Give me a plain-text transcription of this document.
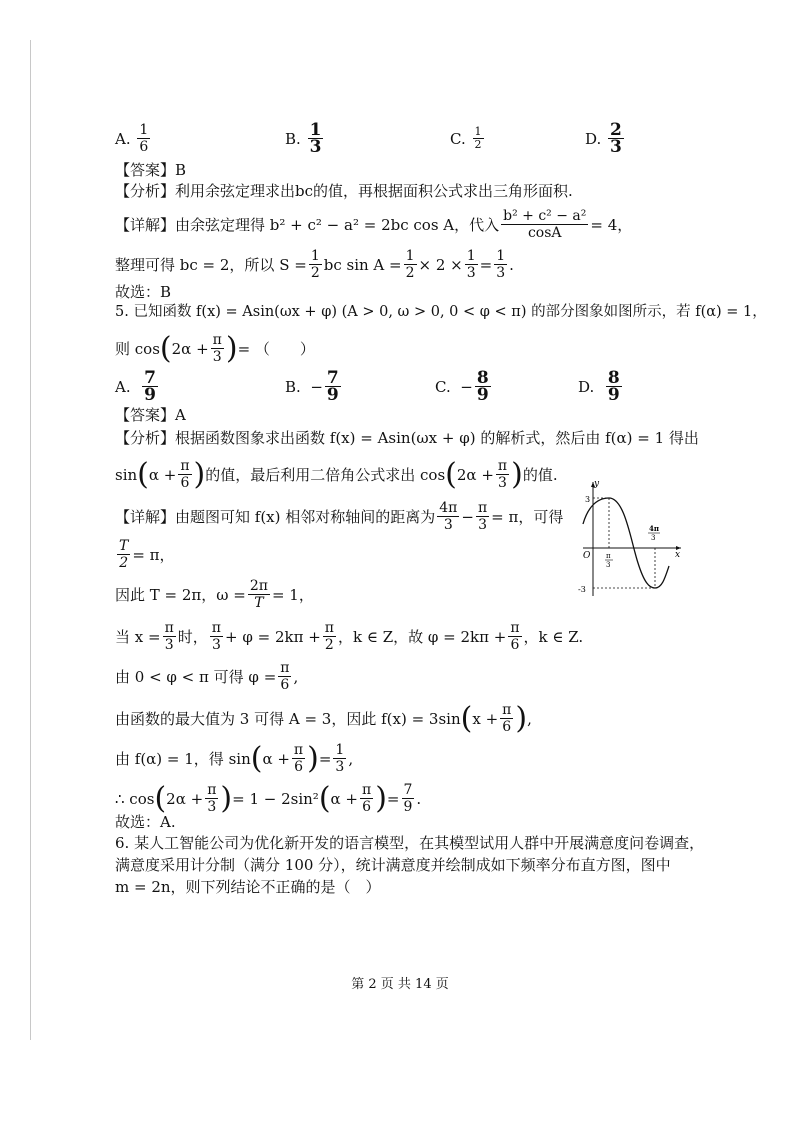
A.
$\frac{1}{6}$	B.
$\frac{1}{3}$	C.
$\frac{1}{2}$	D.
$\frac{2}{3}$
【答案】B
【分析】利用余弦定理求出bc的值，再根据面积公式求出三角形面积.
【详解】由余弦定理得 b² + c² − a² = 2bc cos A，代入 $\frac{\text{b² + c² − a²}}{\cos A} = 4$，
整理可得 bc = 2，所以 $S = \frac{1}{2}$ bc $\sin A = \frac{1}{2} \times 2 \times \frac{1}{3} = \frac{1}{3}$ .
故选：B
5. 已知函数 f(x) = Asin(ωx + φ) (A > 0, ω > 0, 0 < φ < π) 的部分图象如图所示，若 f(α) = 1，
则 cos ( $2\alpha + \frac{\pi}{3}$ ) = （　　）
A.
$\frac{7}{9}$	B.
− $\frac{7}{9}$	C.
− $\frac{8}{9}$	D.
$\frac{8}{9}$
【答案】A
【分析】根据函数图象求出函数 f(x) = Asin(ωx + φ) 的解析式，然后由 f(α) = 1 得出
sin ( $\alpha + \frac{\pi}{6}$ ) 的值，最后利用二倍角公式求出 cos ( $2\alpha + \frac{\pi}{3}$ ) 的值.
【详解】由题图可知 f(x) 相邻对称轴间的距离为 $\frac{4\pi}{3} - \frac{\pi}{3} = \pi$，可得
$\frac{T}{2} = \pi$，
因此 T = 2π，$\omega = \frac{2\pi}{T} = 1$，
当 $x = \frac{\pi}{3}$ 时， $\frac{\pi}{3} + \varphi = 2k\pi + \frac{\pi}{2}$ ，k ∈ Z，故 $\varphi = 2k\pi + \frac{\pi}{6}$ ，k ∈ Z.
由 0 < φ < π 可得 $\varphi = \frac{\pi}{6}$ ,
由函数的最大值为 3 可得 A = 3，因此 f(x) = 3sin ( $x + \frac{\pi}{6}$ ) ,
由 f(α) = 1，得 sin ( $\alpha + \frac{\pi}{6}$ ) = $\frac{1}{3}$ ,
∴ cos ( $2\alpha + \frac{\pi}{3}$ ) = 1 − 2sin² ( $\alpha + \frac{\pi}{6}$ ) = $\frac{7}{9}$ .
故选：A.
y
x
O
3
-3
π
3
4π
3
6. 某人工智能公司为优化新开发的语言模型，在其模型试用人群中开展满意度问卷调查，
满意度采用计分制（满分 100 分），统计满意度并绘制成如下频率分布直方图，图中
m = 2n，则下列结论不正确的是（　）
第 2 页 共 14 页
